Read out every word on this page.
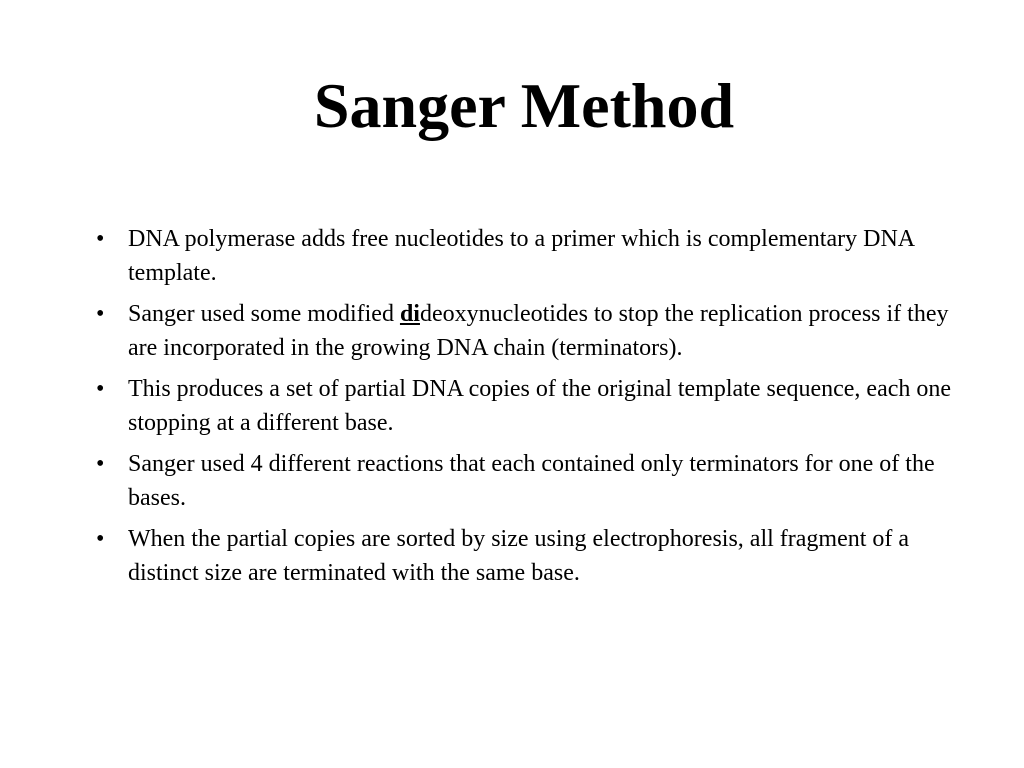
Sanger Method
• DNA polymerase adds free nucleotides to a primer which is complementary DNA template.
• Sanger used some modified dideoxynucleotides to stop the replication process if they are incorporated in the growing DNA chain (terminators).
• This produces a set of partial DNA copies of the original template sequence, each one stopping at a different base.
• Sanger used 4 different reactions that each contained only terminators for one of the bases.
• When the partial copies are sorted by size using electrophoresis, all fragment of a distinct size are terminated with the same base.
